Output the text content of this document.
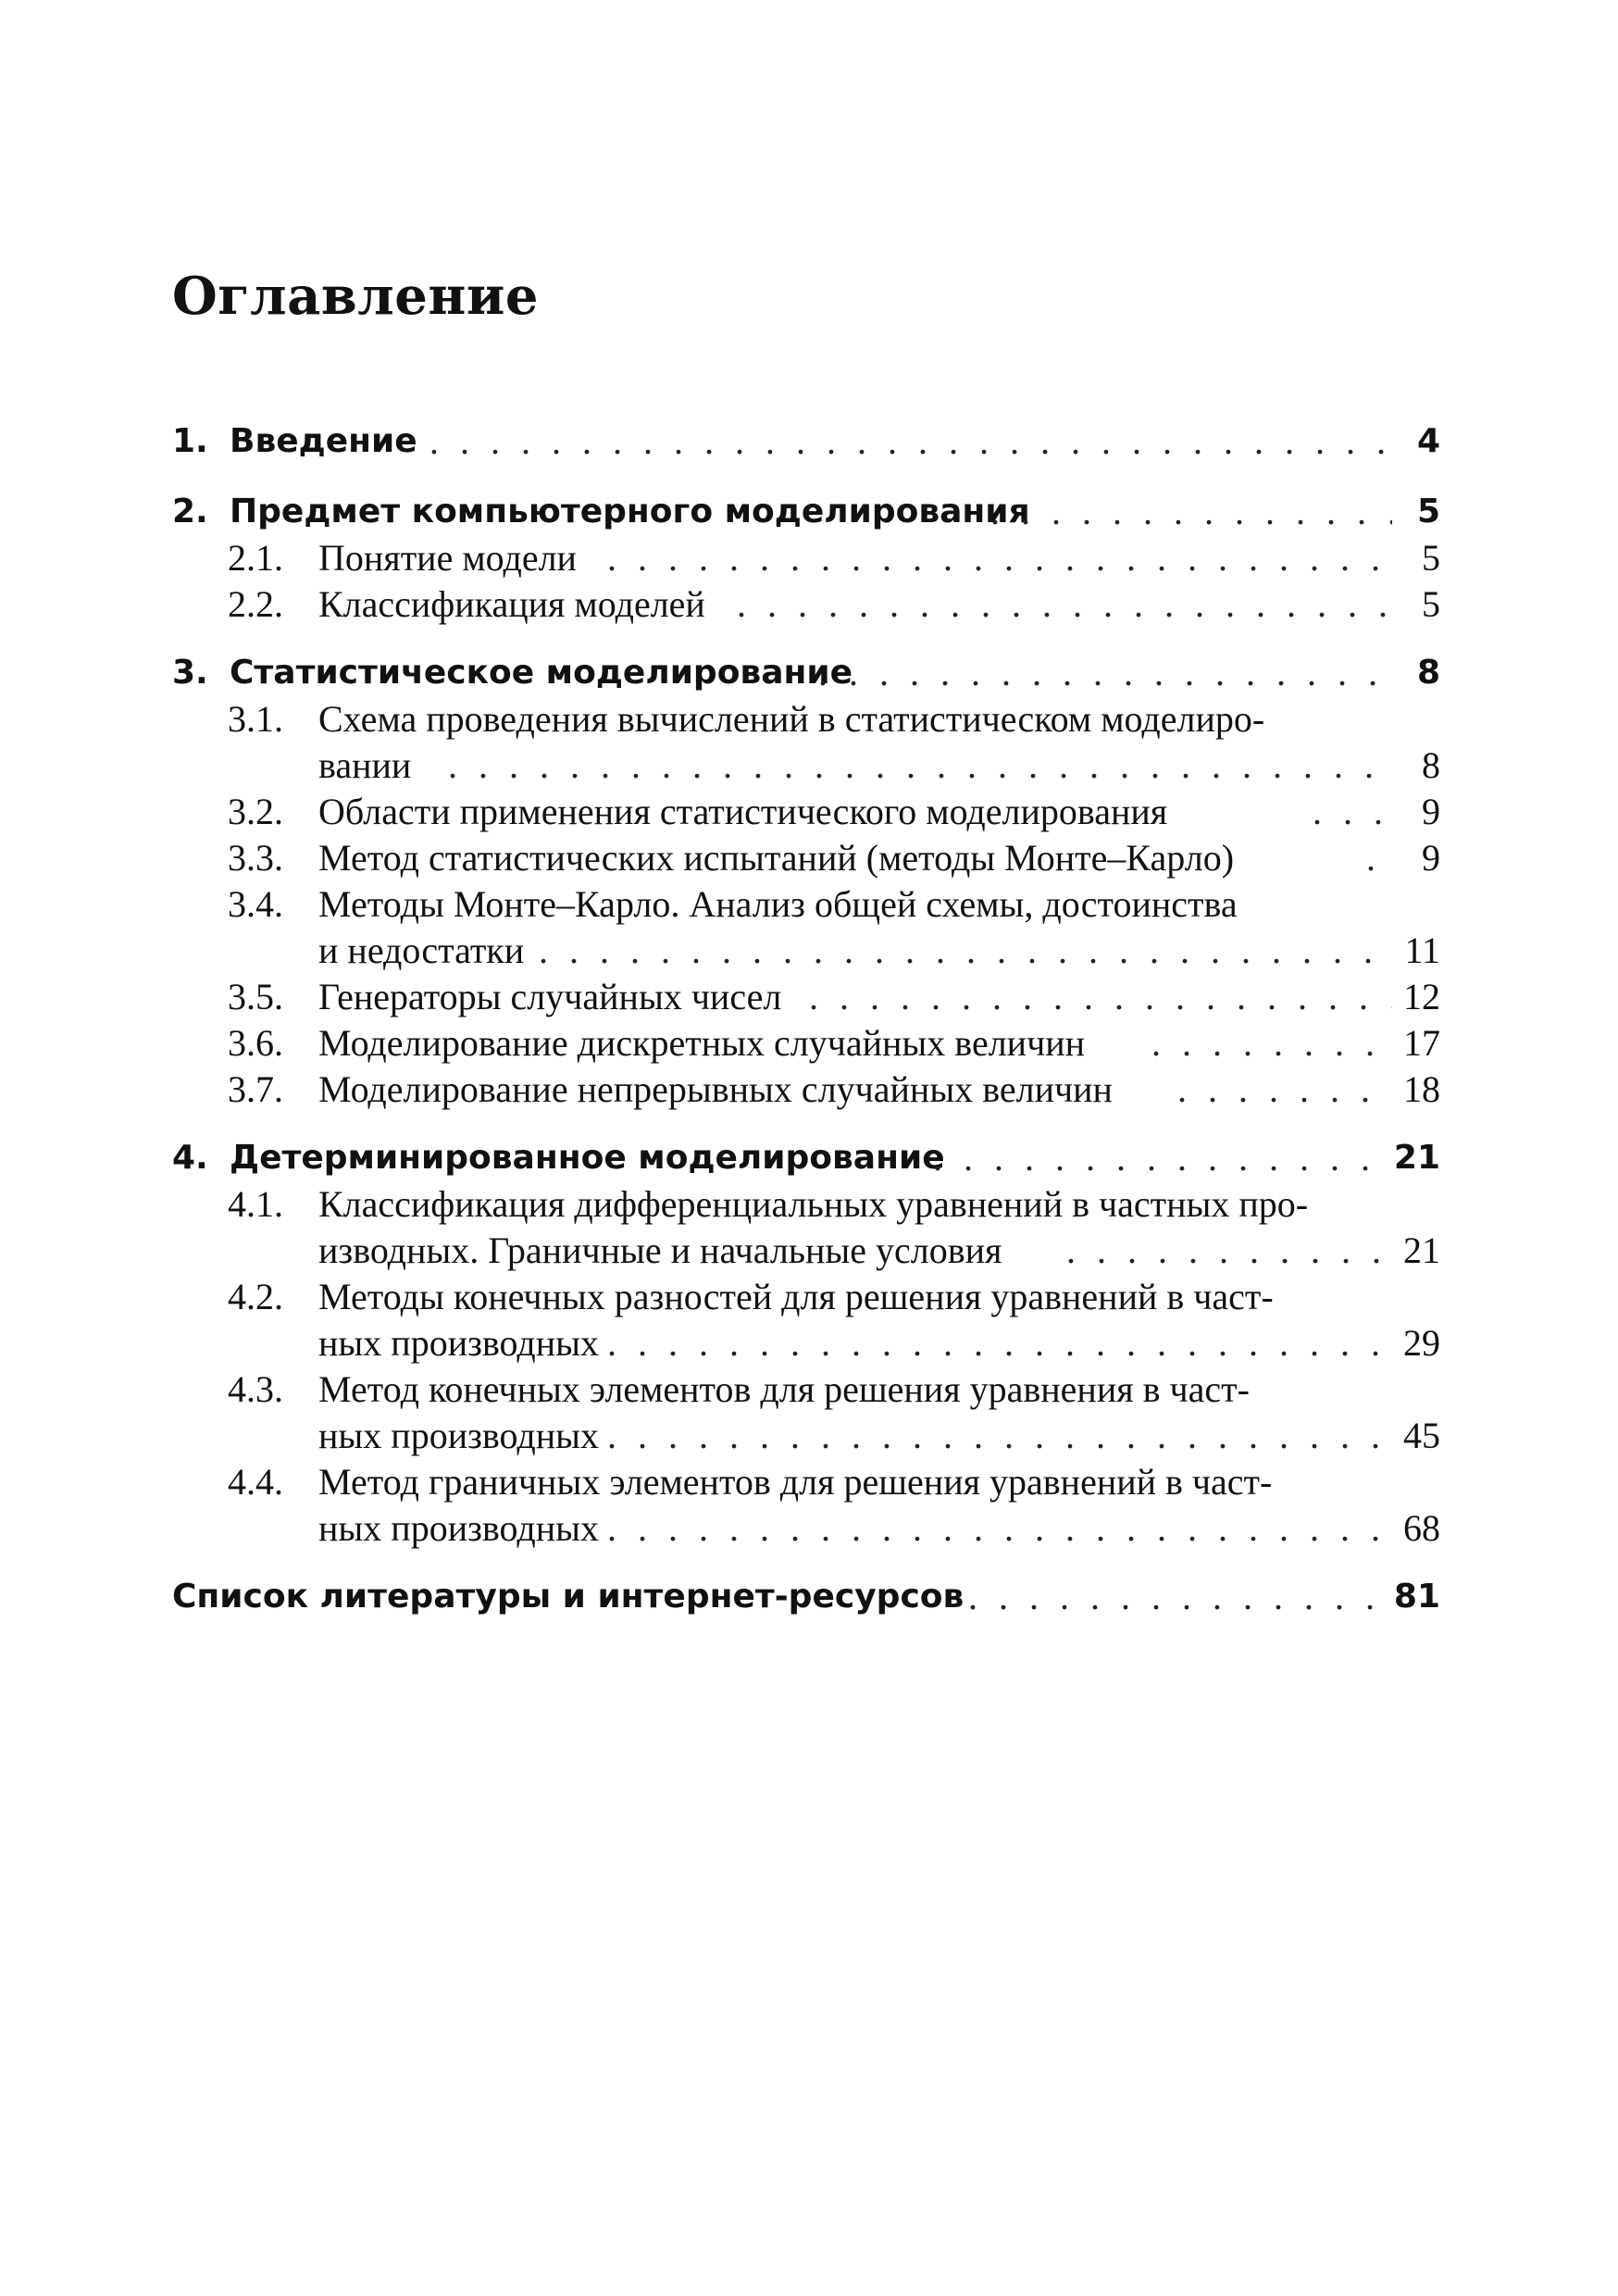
Оглавление
1. Введение . . .	4
2. Предмет компьютерного моделирования . . .	5
2.1. Понятие модели . . .	5
2.2. Классификация моделей . . .	5
3. Статистическое моделирование . . .	8
3.1. Схема проведения вычислений в статистическом моделиро-
вании . . .	8
3.2. Области применения статистического моделирования . . .	9
3.3. Метод статистических испытаний (методы Монте–Карло) . . .	9
3.4. Методы Монте–Карло. Анализ общей схемы, достоинства
и недостатки . . .	11
3.5. Генераторы случайных чисел . . .	12
3.6. Моделирование дискретных случайных величин . . .	17
3.7. Моделирование непрерывных случайных величин . . .	18
4. Детерминированное моделирование . . .	21
4.1. Классификация дифференциальных уравнений в частных про-
изводных. Граничные и начальные условия . . .	21
4.2. Методы конечных разностей для решения уравнений в част-
ных производных . . .	29
4.3. Метод конечных элементов для решения уравнения в част-
ных производных . . .	45
4.4. Метод граничных элементов для решения уравнений в част-
ных производных . . .	68
Список литературы и интернет-ресурсов . . .	81
